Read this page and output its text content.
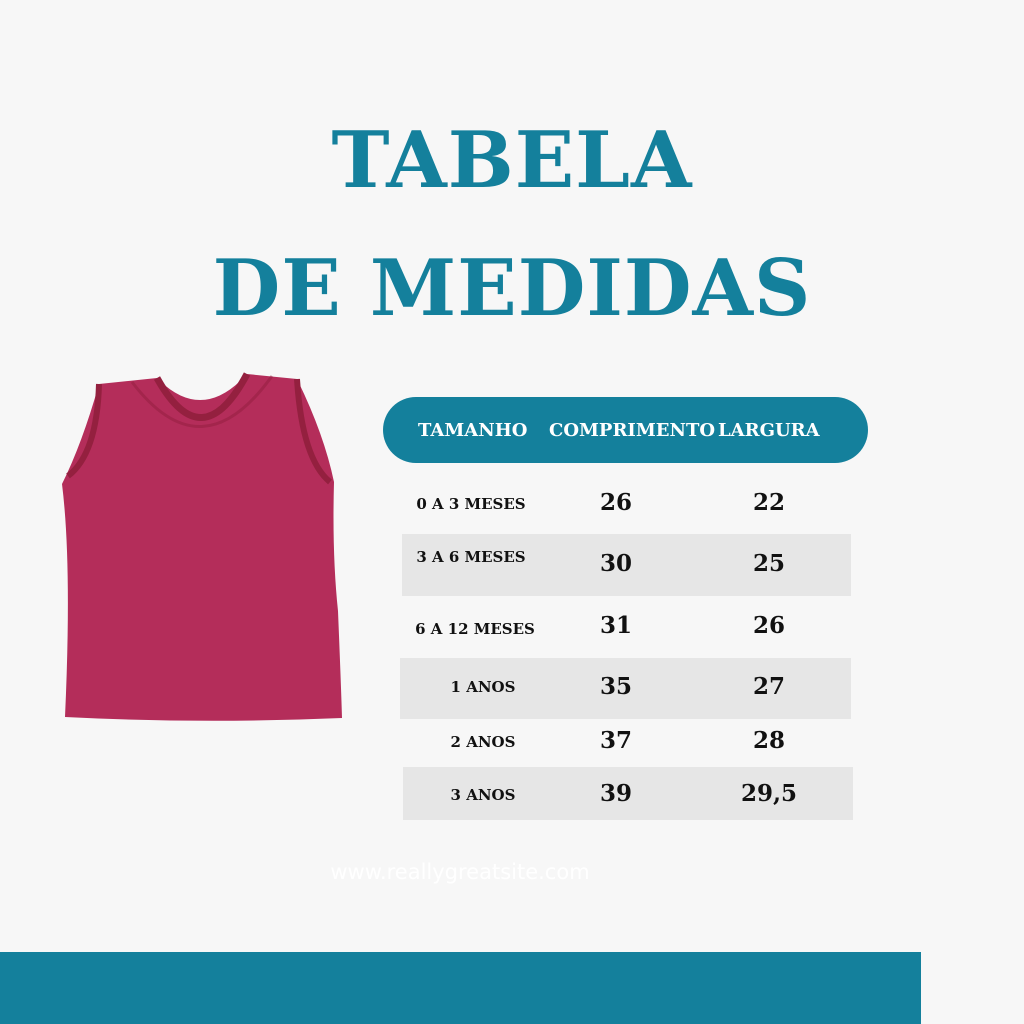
TABELA
DE MEDIDAS
TAMANHO COMPRIMENTO LARGURA
0 A 3 MESES	26	22
3 A 6 MESES	30	25
6 A 12 MESES	31	26
1 ANOS	35	27
2 ANOS	37	28
3 ANOS	39	29,5
www.reallygreatsite.com
